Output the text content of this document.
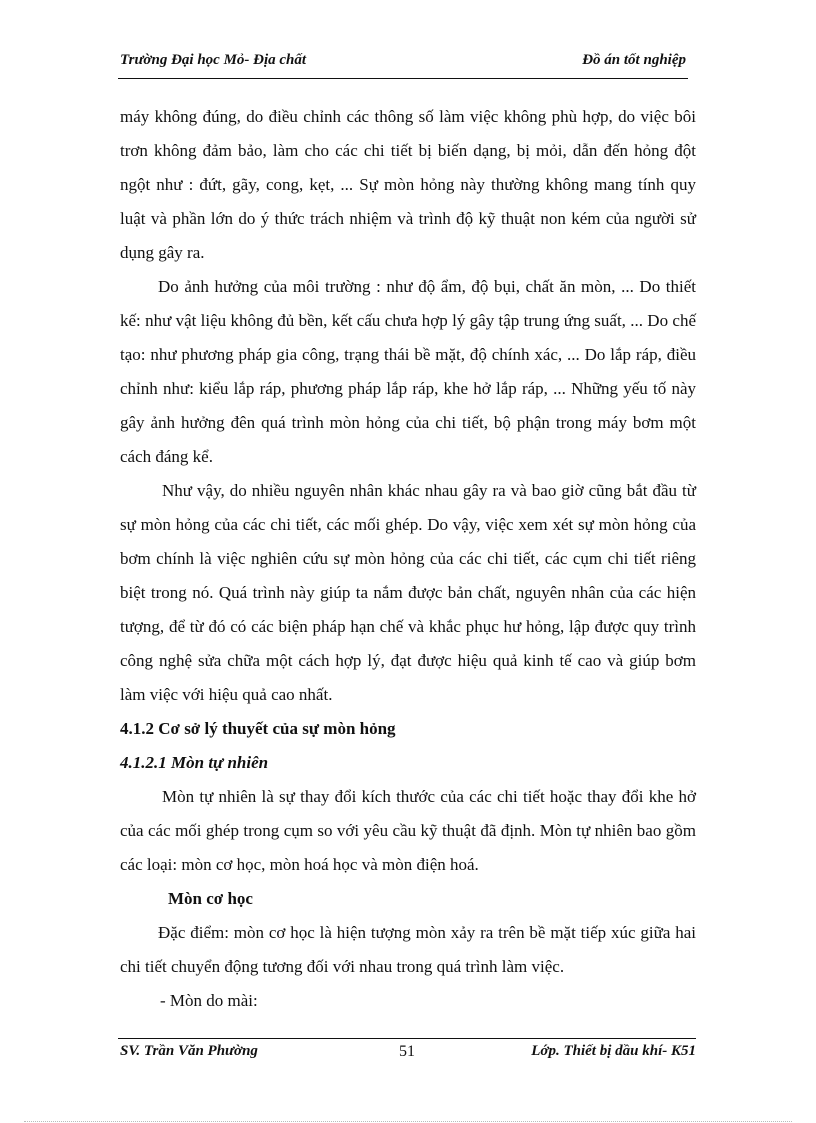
Trường Đại học Mỏ- Địa chất	Đồ án tốt nghiệp

máy không đúng, do điều chỉnh các thông số làm việc không phù hợp, do việc bôi trơn không đảm bảo, làm cho các chi tiết bị biến dạng, bị mỏi, dẫn đến hỏng đột ngột như : đứt, gãy, cong, kẹt, ... Sự mòn hỏng này thường không mang tính quy luật và phần lớn do ý thức trách nhiệm và trình độ kỹ thuật non kém của người sử dụng gây ra.

Do ảnh hưởng của môi trường : như độ ẩm, độ bụi, chất ăn mòn, ... Do thiết kế: như vật liệu không đủ bền, kết cấu chưa hợp lý gây tập trung ứng suất, ... Do chế tạo: như phương pháp gia công, trạng thái bề mặt, độ chính xác, ... Do lắp ráp, điều chỉnh như: kiểu lắp ráp, phương pháp lắp ráp, khe hở lắp ráp, ... Những yếu tố này gây ảnh hưởng đên quá trình mòn hỏng của chi tiết, bộ phận trong máy bơm một cách đáng kể.

Như vậy, do nhiều nguyên nhân khác nhau gây ra và bao giờ cũng bắt đầu từ sự mòn hỏng của các chi tiết, các mối ghép. Do vậy, việc xem xét sự mòn hỏng của bơm chính là việc nghiên cứu sự mòn hỏng của các chi tiết, các cụm chi tiết riêng biệt trong nó. Quá trình này giúp ta nắm được bản chất, nguyên nhân của các hiện tượng, để từ đó có các biện pháp hạn chế và khắc phục hư hỏng, lập được quy trình công nghệ sửa chữa một cách hợp lý, đạt được hiệu quả kinh tế cao và giúp bơm làm việc với hiệu quả cao nhất.

4.1.2 Cơ sở lý thuyết của sự mòn hỏng

4.1.2.1 Mòn tự nhiên

Mòn tự nhiên là sự thay đổi kích thước của các chi tiết hoặc thay đổi khe hở của các mối ghép trong cụm so với yêu cầu kỹ thuật đã định. Mòn tự nhiên bao gồm các loại: mòn cơ học, mòn hoá học và mòn điện hoá.

Mòn cơ học

Đặc điểm: mòn cơ học là hiện tượng mòn xảy ra trên bề mặt tiếp xúc giữa hai chi tiết chuyển động tương đối với nhau trong quá trình làm việc.

- Mòn do mài:

SV. Trần Văn Phường	51	Lớp. Thiết bị dầu khí- K51
